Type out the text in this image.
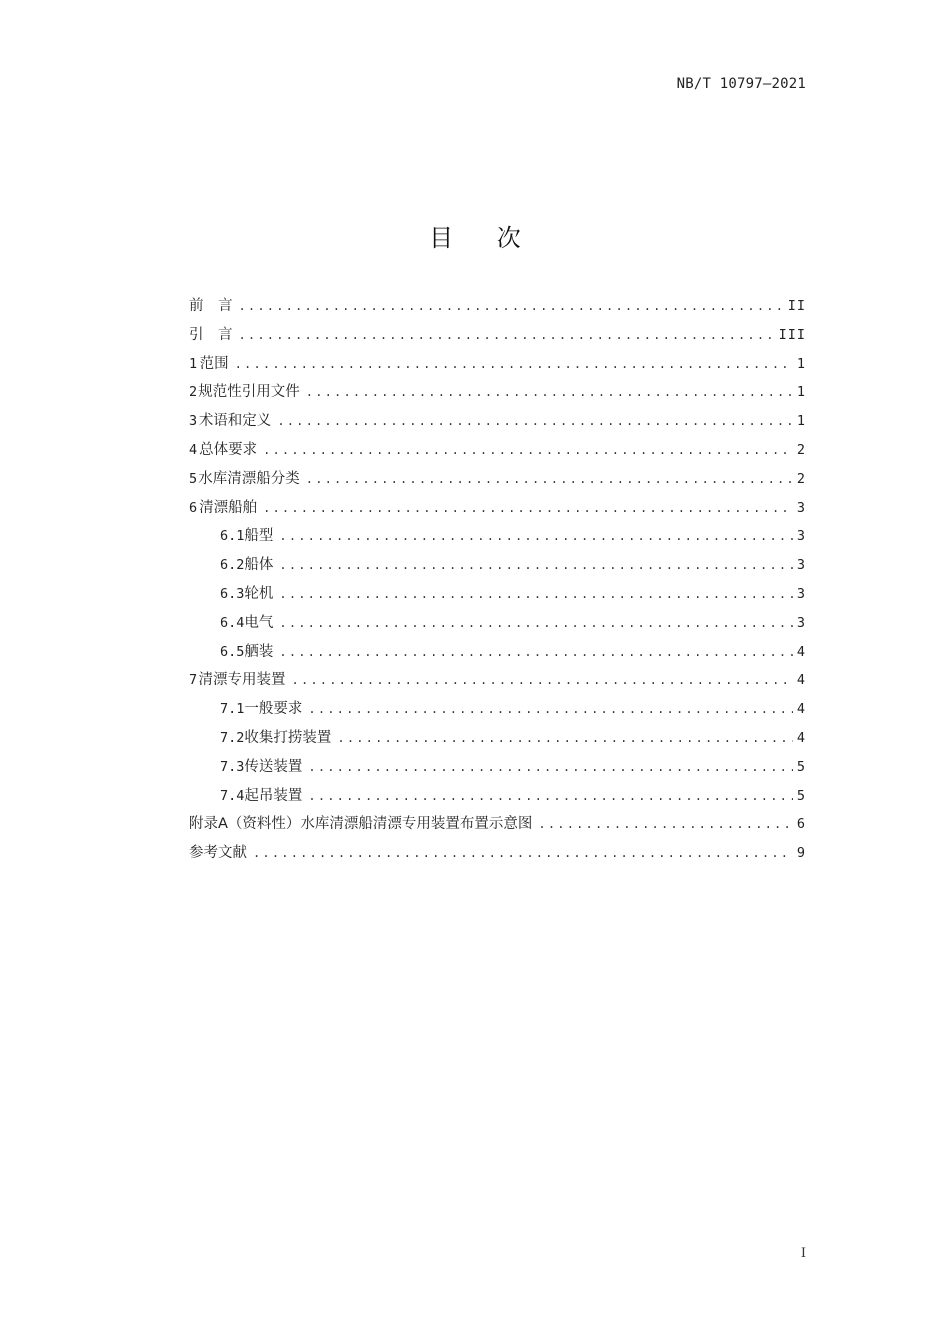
NB/T 10797—2021
目 次
前　言 .....	II
引　言 .....	III
1 范围 .....	1
2 规范性引用文件 .....	1
3 术语和定义 .....	1
4 总体要求 .....	2
5 水库清漂船分类 .....	2
6 清漂船舶 .....	3
6.1 船型 .....	3
6.2 船体 .....	3
6.3 轮机 .....	3
6.4 电气 .....	3
6.5 舾装 .....	4
7 清漂专用装置 .....	4
7.1 一般要求 .....	4
7.2 收集打捞装置 .....	4
7.3 传送装置 .....	5
7.4 起吊装置 .....	5
附录A（资料性）水库清漂船清漂专用装置布置示意图 .....	6
参考文献 .....	9
I
